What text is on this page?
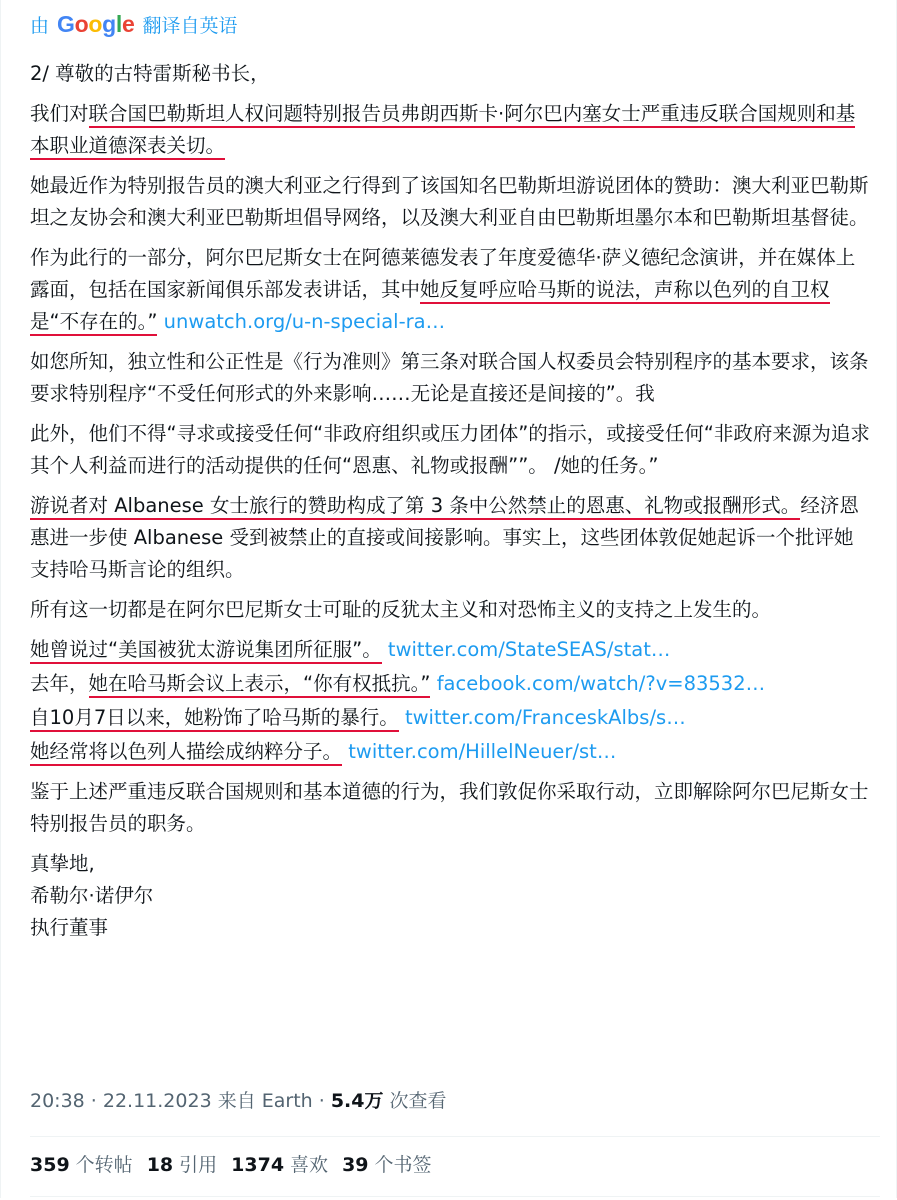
由 Google 翻译自英语

2/ 尊敬的古特雷斯秘书长，

我们对联合国巴勒斯坦人权问题特别报告员弗朗西斯卡·阿尔巴内塞女士严重违反联合国规则和基本职业道德深表关切。

她最近作为特别报告员的澳大利亚之行得到了该国知名巴勒斯坦游说团体的赞助：澳大利亚巴勒斯坦之友协会和澳大利亚巴勒斯坦倡导网络，以及澳大利亚自由巴勒斯坦墨尔本和巴勒斯坦基督徒。

作为此行的一部分，阿尔巴尼斯女士在阿德莱德发表了年度爱德华·萨义德纪念演讲，并在媒体上露面，包括在国家新闻俱乐部发表讲话，其中她反复呼应哈马斯的说法，声称以色列的自卫权是“不存在的。” unwatch.org/u-n-special-ra…

如您所知，独立性和公正性是《行为准则》第三条对联合国人权委员会特别程序的基本要求，该条要求特别程序“不受任何形式的外来影响……无论是直接还是间接的”。我

此外，他们不得“寻求或接受任何“非政府组织或压力团体”的指示，或接受任何“非政府来源为追求其个人利益而进行的活动提供的任何“恩惠、礼物或报酬””。 /她的任务。”

游说者对 Albanese 女士旅行的赞助构成了第 3 条中公然禁止的恩惠、礼物或报酬形式。经济恩惠进一步使 Albanese 受到被禁止的直接或间接影响。事实上，这些团体敦促她起诉一个批评她支持哈马斯言论的组织。

所有这一切都是在阿尔巴尼斯女士可耻的反犹太主义和对恐怖主义的支持之上发生的。

她曾说过“美国被犹太游说集团所征服”。 twitter.com/StateSEAS/stat…

去年，她在哈马斯会议上表示，“你有权抵抗。” facebook.com/watch/?v=83532…

自10月7日以来，她粉饰了哈马斯的暴行。 twitter.com/FranceskAlbs/s…

她经常将以色列人描绘成纳粹分子。 twitter.com/HillelNeuer/st…

鉴于上述严重违反联合国规则和基本道德的行为，我们敦促你采取行动，立即解除阿尔巴尼斯女士特别报告员的职务。

真挚地,
希勒尔·诺伊尔
执行董事

20:38 · 22.11.2023 来自 Earth · 5.4万 次查看
359 个转帖 18 引用 1374 喜欢 39 个书签
